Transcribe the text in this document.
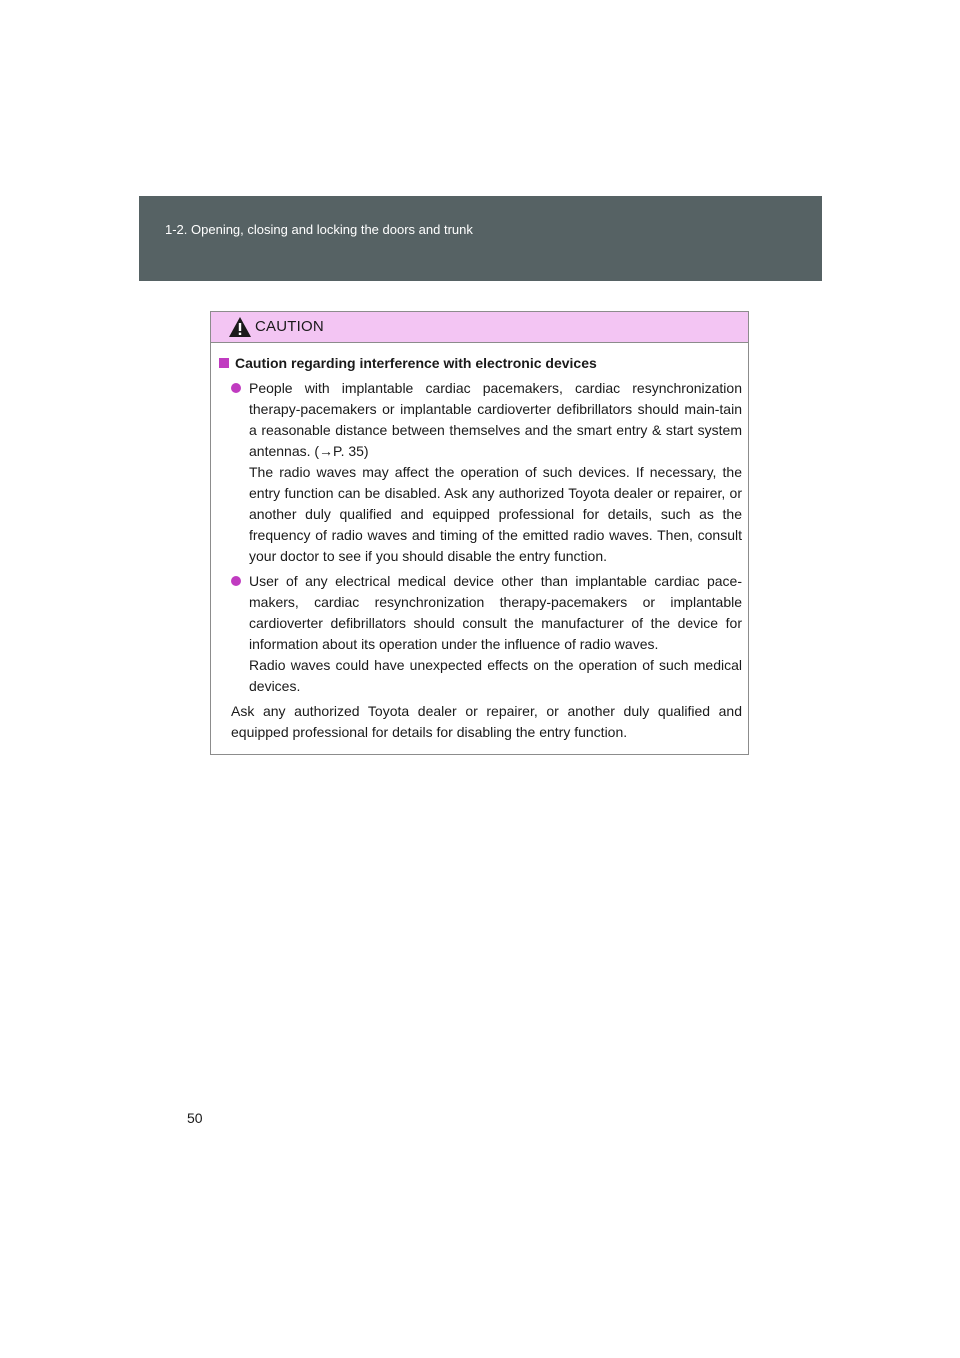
1-2. Opening, closing and locking the doors and trunk
CAUTION
Caution regarding interference with electronic devices

People with implantable cardiac pacemakers, cardiac resynchronization therapy-pacemakers or implantable cardioverter defibrillators should main-tain a reasonable distance between themselves and the smart entry & start system antennas. (→P. 35)

The radio waves may affect the operation of such devices. If necessary, the entry function can be disabled. Ask any authorized Toyota dealer or repairer, or another duly qualified and equipped professional for details, such as the frequency of radio waves and timing of the emitted radio waves. Then, consult your doctor to see if you should disable the entry function.

User of any electrical medical device other than implantable cardiac pace-makers, cardiac resynchronization therapy-pacemakers or implantable cardioverter defibrillators should consult the manufacturer of the device for information about its operation under the influence of radio waves.

Radio waves could have unexpected effects on the operation of such medical devices.

Ask any authorized Toyota dealer or repairer, or another duly qualified and equipped professional for details for disabling the entry function.

50
